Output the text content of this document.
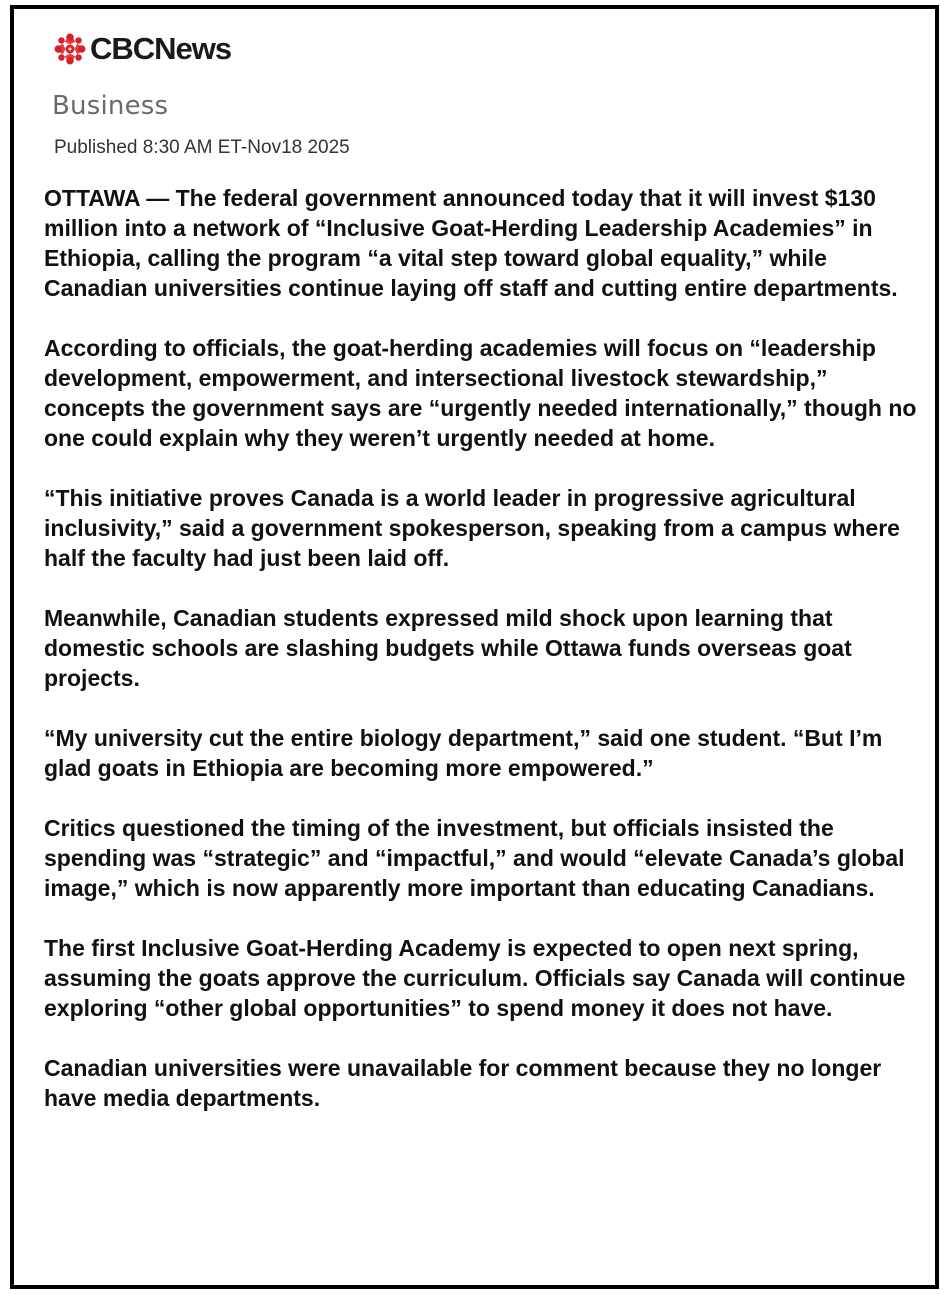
CBCNews
Business
Published 8:30 AM ET-Nov18 2025

OTTAWA — The federal government announced today that it will invest $130 million into a network of “Inclusive Goat-Herding Leadership Academies” in Ethiopia, calling the program “a vital step toward global equality,” while Canadian universities continue laying off staff and cutting entire departments.

According to officials, the goat-herding academies will focus on “leadership development, empowerment, and intersectional livestock stewardship,” concepts the government says are “urgently needed internationally,” though no one could explain why they weren’t urgently needed at home.

“This initiative proves Canada is a world leader in progressive agricultural inclusivity,” said a government spokesperson, speaking from a campus where half the faculty had just been laid off.

Meanwhile, Canadian students expressed mild shock upon learning that domestic schools are slashing budgets while Ottawa funds overseas goat projects.

“My university cut the entire biology department,” said one student. “But I’m glad goats in Ethiopia are becoming more empowered.”

Critics questioned the timing of the investment, but officials insisted the spending was “strategic” and “impactful,” and would “elevate Canada’s global image,” which is now apparently more important than educating Canadians.

The first Inclusive Goat-Herding Academy is expected to open next spring, assuming the goats approve the curriculum. Officials say Canada will continue exploring “other global opportunities” to spend money it does not have.

Canadian universities were unavailable for comment because they no longer have media departments.
